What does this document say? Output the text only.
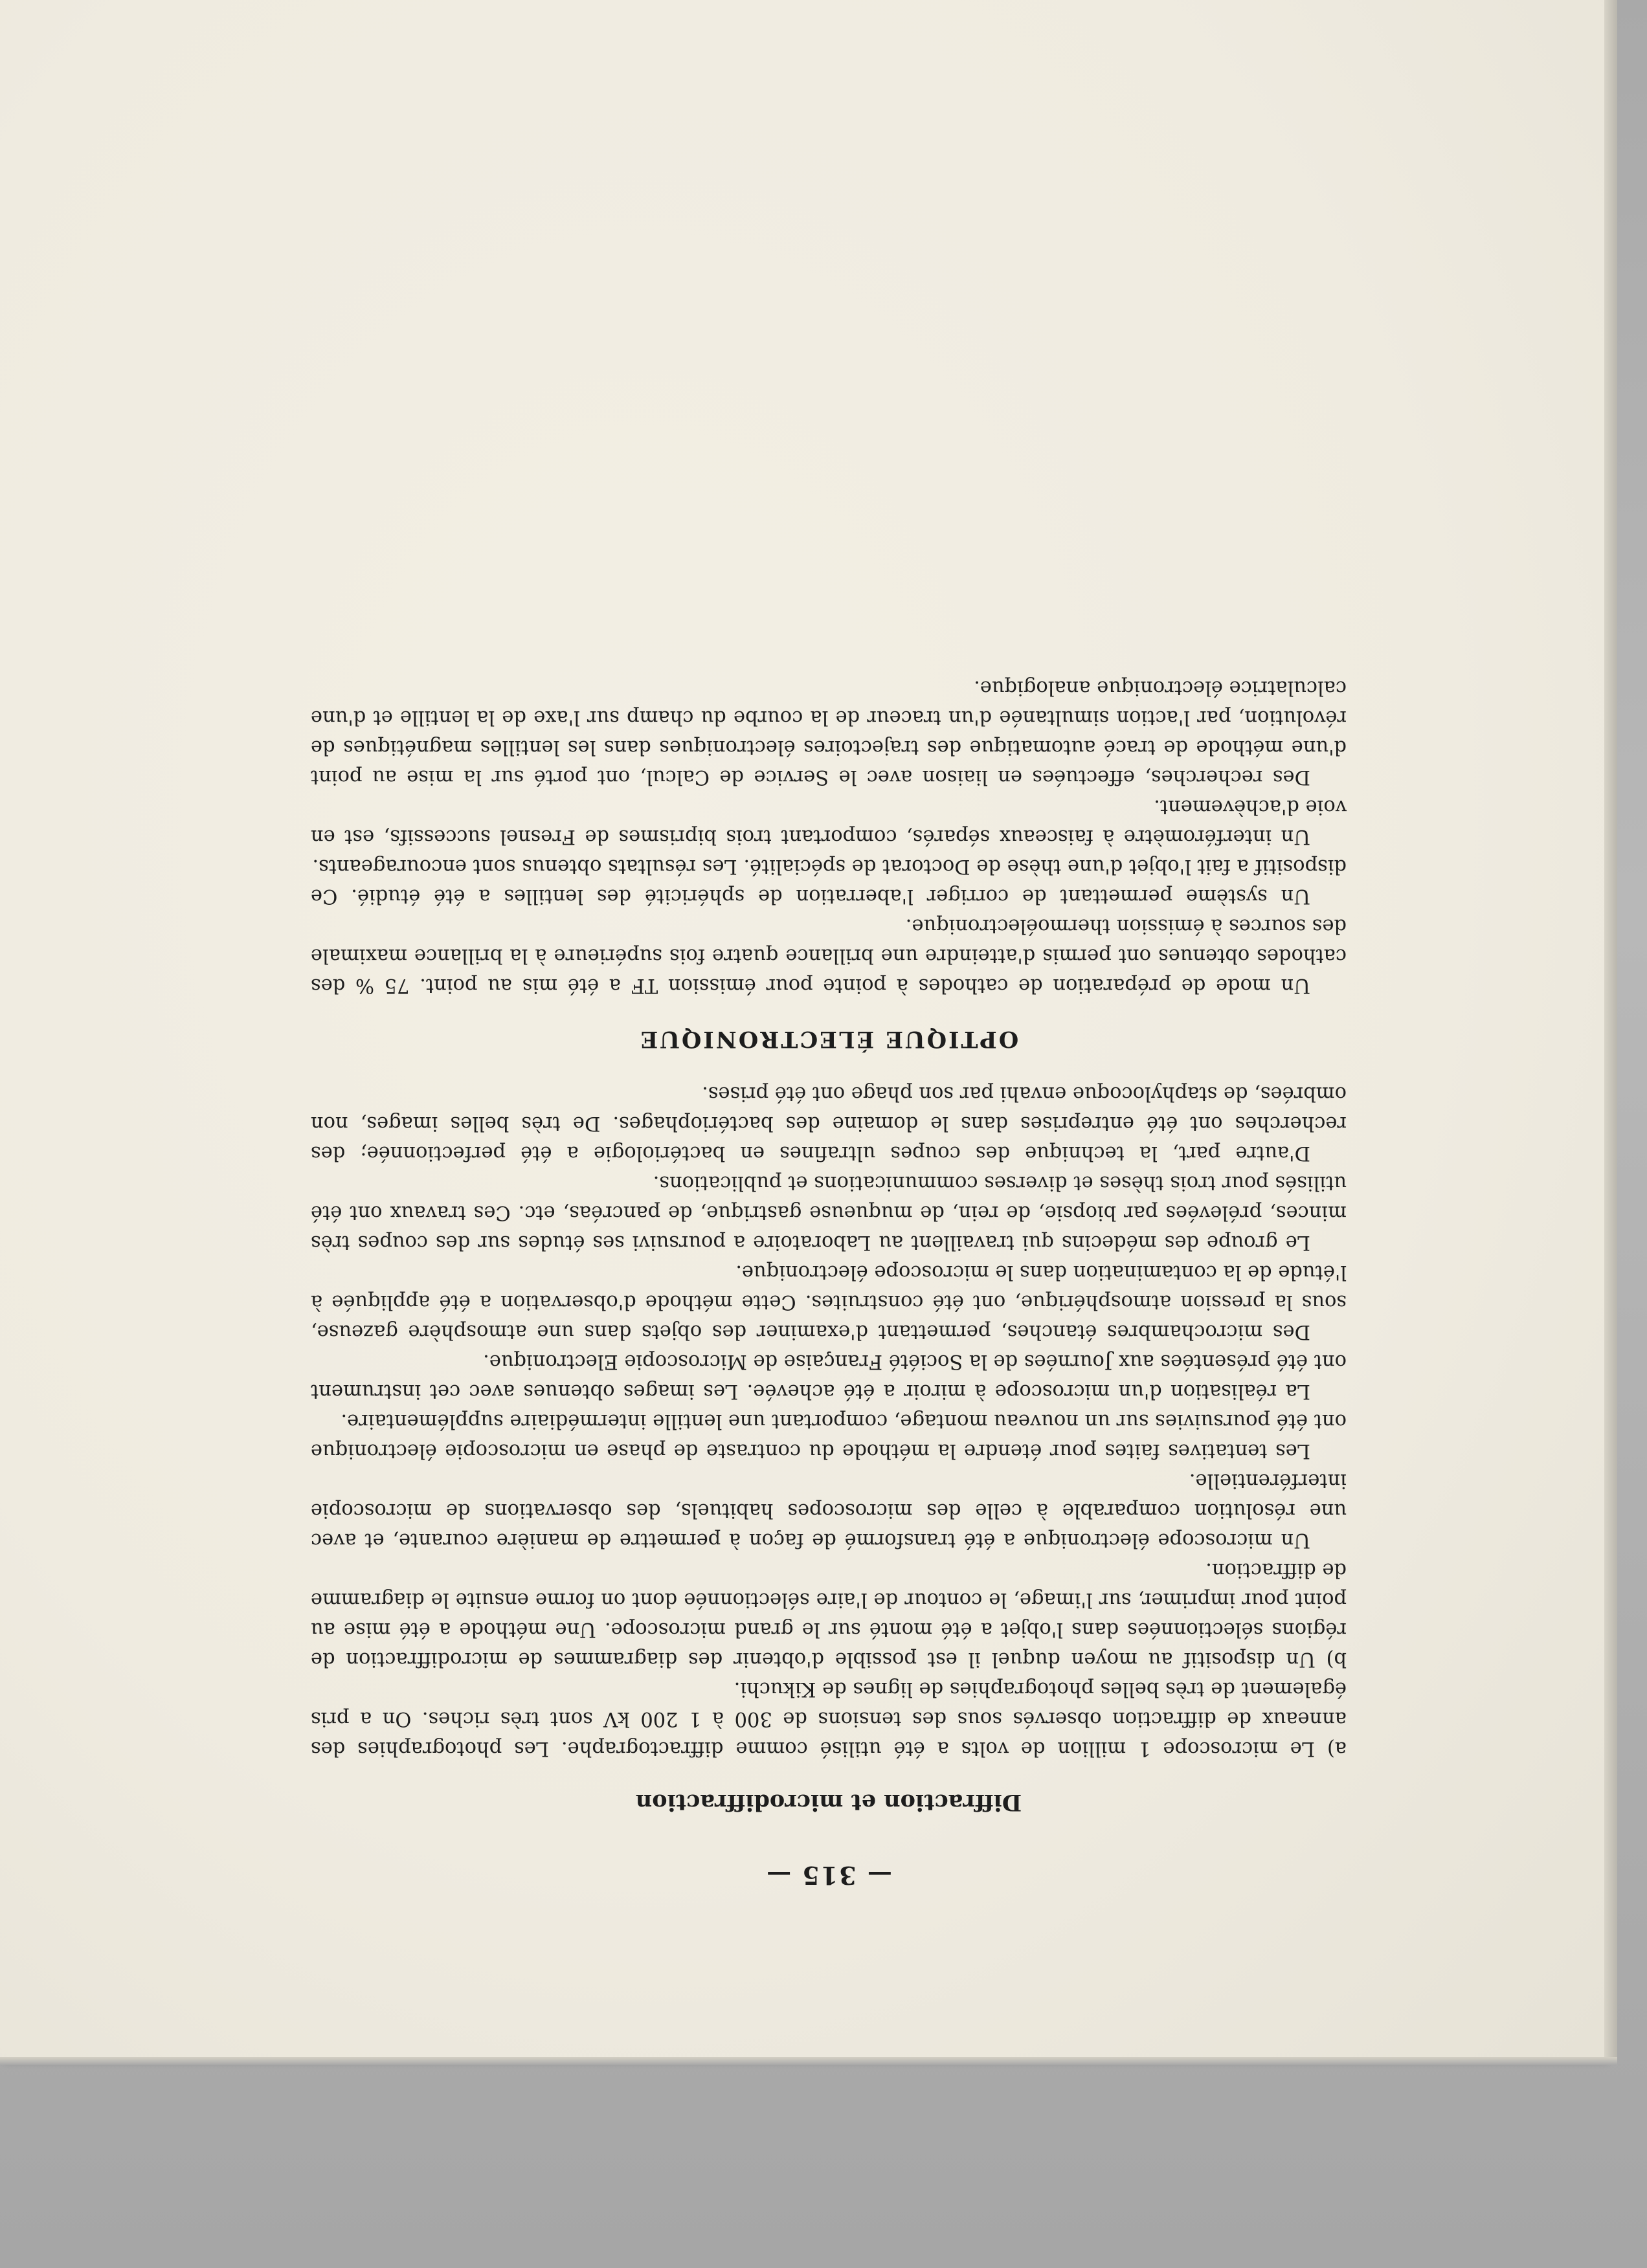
— 315 —
Diffraction et microdiffraction

a) Le microscope 1 million de volts a été utilisé comme diffractographe. Les photographies des anneaux de diffraction observés sous des tensions de 300 à 1 200 kV sont très riches. On a pris également de très belles photographies de lignes de Kikuchi.

b) Un dispositif au moyen duquel il est possible d'obtenir des diagrammes de microdiffraction de régions sélectionnées dans l'objet a été monté sur le grand microscope. Une méthode a été mise au point pour imprimer, sur l'image, le contour de l'aire sélectionnée dont on forme ensuite le diagramme de diffraction.

Un microscope électronique a été transformé de façon à permettre de manière courante, et avec une résolution comparable à celle des microscopes habituels, des observations de microscopie interférentielle.

Les tentatives faites pour étendre la méthode du contraste de phase en microscopie électronique ont été poursuivies sur un nouveau montage, comportant une lentille intermédiaire supplémentaire.

La réalisation d'un microscope à miroir a été achevée. Les images obtenues avec cet instrument ont été présentées aux Journées de la Société Française de Microscopie Electronique.

Des microchambres étanches, permettant d'examiner des objets dans une atmosphère gazeuse, sous la pression atmosphérique, ont été construites. Cette méthode d'observation a été appliquée à l'étude de la contamination dans le microscope électronique.

Le groupe des médecins qui travaillent au Laboratoire a poursuivi ses études sur des coupes très minces, prélevées par biopsie, de rein, de muqueuse gastrique, de pancréas, etc. Ces travaux ont été utilisés pour trois thèses et diverses communications et publications.

D'autre part, la technique des coupes ultrafines en bactériologie a été perfectionnée; des recherches ont été entreprises dans le domaine des bactériophages. De très belles images, non ombrées, de staphylocoque envahi par son phage ont été prises.

OPTIQUE ÉLECTRONIQUE

Un mode de préparation de cathodes à pointe pour émission TF a été mis au point. 75 % des cathodes obtenues ont permis d'atteindre une brillance quatre fois supérieure à la brillance maximale des sources à émission thermoélectronique.

Un système permettant de corriger l'aberration de sphéricité des lentilles a été étudié. Ce dispositif a fait l'objet d'une thèse de Doctorat de spécialité. Les résultats obtenus sont encourageants.

Un interféromètre à faisceaux séparés, comportant trois biprismes de Fresnel successifs, est en voie d'achèvement.

Des recherches, effectuées en liaison avec le Service de Calcul, ont porté sur la mise au point d'une méthode de tracé automatique des trajectoires électroniques dans les lentilles magnétiques de révolution, par l'action simultanée d'un traceur de la courbe du champ sur l'axe de la lentille et d'une calculatrice électronique analogique.
